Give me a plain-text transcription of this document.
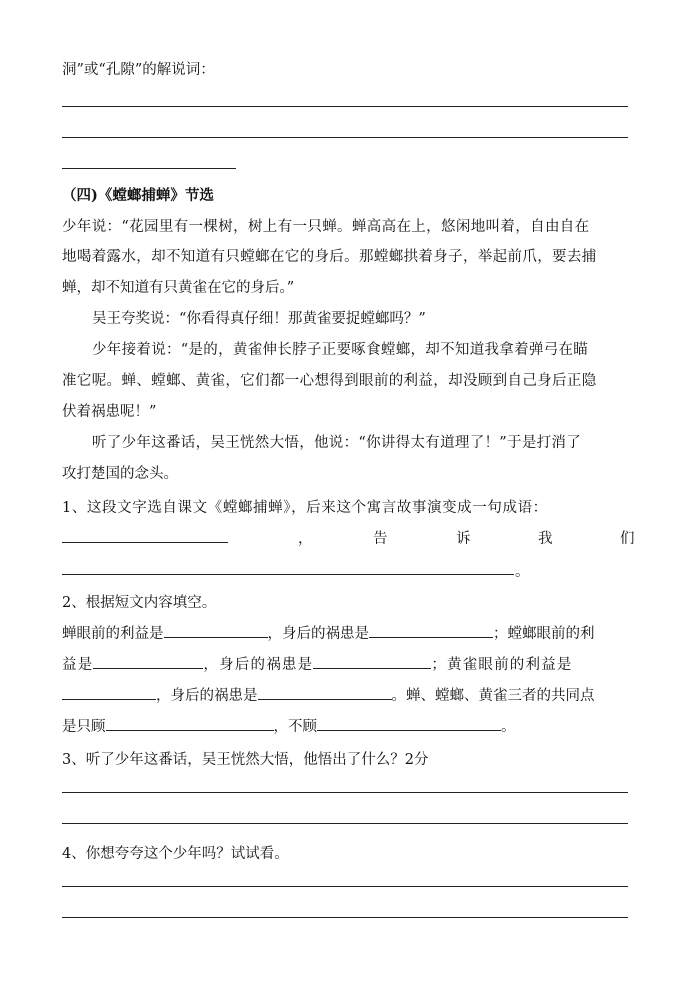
洞”或“孔隙”的解说词：
（四)《螳螂捕蝉》节选
少年说：“花园里有一棵树，树上有一只蝉。蝉高高在上，悠闲地叫着，自由自在
地喝着露水，却不知道有只螳螂在它的身后。那螳螂拱着身子，举起前爪，要去捕
蝉，却不知道有只黄雀在它的身后。”
吴王夸奖说：“你看得真仔细！那黄雀要捉螳螂吗？”
少年接着说：“是的，黄雀伸长脖子正要啄食螳螂，却不知道我拿着弹弓在瞄
准它呢。蝉、螳螂、黄雀，它们都一心想得到眼前的利益，却没顾到自己身后正隐
伏着祸患呢！”
听了少年这番话，吴王恍然大悟，他说：“你讲得太有道理了！”于是打消了
攻打楚国的念头。
1、这段文字选自课文《螳螂捕蝉》，后来这个寓言故事演变成一句成语：
，	告	诉	我	们
。
2、根据短文内容填空。
蝉眼前的利益是	，身后的祸患是	；螳螂眼前的利
益是	，身后的祸患是	；黄雀眼前的利益是
，身后的祸患是	。蝉、螳螂、黄雀三者的共同点
是只顾	，不顾	。
3、听了少年这番话，吴王恍然大悟，他悟出了什么？2分
4、你想夸夸这个少年吗？试试看。
